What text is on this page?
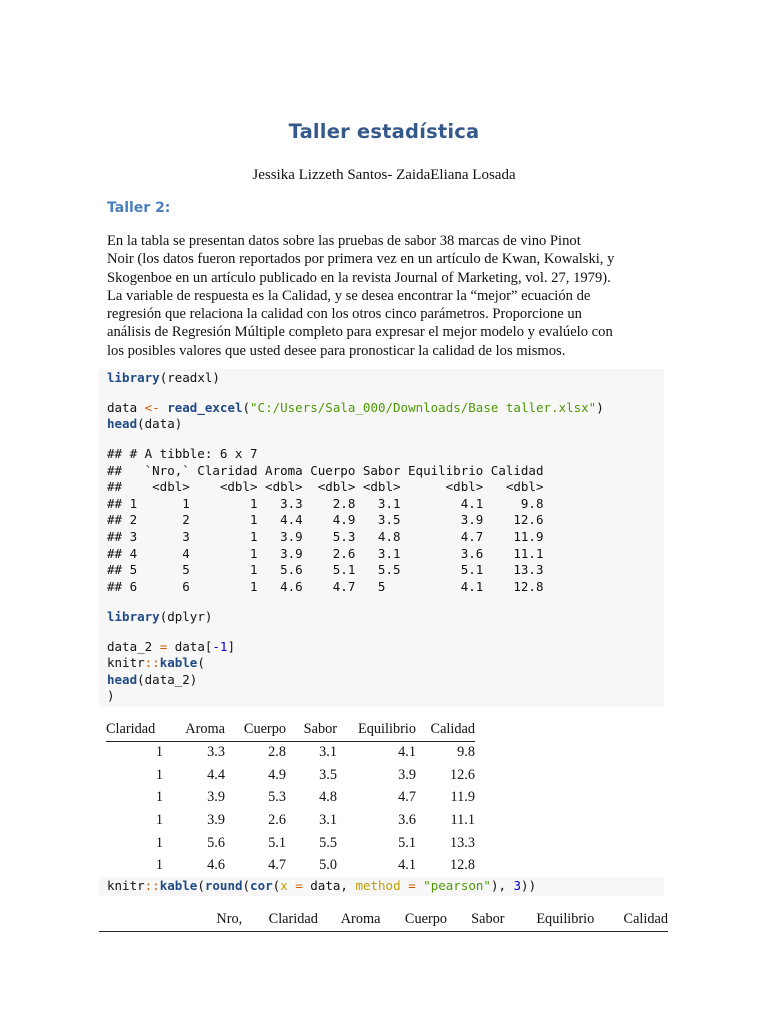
Taller estadística
Jessika Lizzeth Santos- ZaidaEliana Losada
Taller 2:
En la tabla se presentan datos sobre las pruebas de sabor 38 marcas de vino Pinot
Noir (los datos fueron reportados por primera vez en un artículo de Kwan, Kowalski, y
Skogenboe en un artículo publicado en la revista Journal of Marketing, vol. 27, 1979).
La variable de respuesta es la Calidad, y se desea encontrar la “mejor” ecuación de
regresión que relaciona la calidad con los otros cinco parámetros. Proporcione un
análisis de Regresión Múltiple completo para expresar el mejor modelo y evalúelo con
los posibles valores que usted desee para pronosticar la calidad de los mismos.
library(readxl)
data <- read_excel("C:/Users/Sala_000/Downloads/Base taller.xlsx")
head(data)
## # A tibble: 6 x 7
##   `Nro,` Claridad Aroma Cuerpo Sabor Equilibrio Calidad
##    <dbl>    <dbl> <dbl>  <dbl> <dbl>      <dbl>   <dbl>
## 1      1        1   3.3    2.8   3.1        4.1     9.8
## 2      2        1   4.4    4.9   3.5        3.9    12.6
## 3      3        1   3.9    5.3   4.8        4.7    11.9
## 4      4        1   3.9    2.6   3.1        3.6    11.1
## 5      5        1   5.6    5.1   5.5        5.1    13.3
## 6      6        1   4.6    4.7   5          4.1    12.8
library(dplyr)
data_2 = data[-1]
knitr::kable(
head(data_2)
)
Claridad	Aroma	Cuerpo	Sabor	Equilibrio	Calidad
1	3.3	2.8	3.1	4.1	9.8
1	4.4	4.9	3.5	3.9	12.6
1	3.9	5.3	4.8	4.7	11.9
1	3.9	2.6	3.1	3.6	11.1
1	5.6	5.1	5.5	5.1	13.3
1	4.6	4.7	5.0	4.1	12.8
knitr::kable(round(cor(x = data, method = "pearson"), 3))
	Nro,	Claridad	Aroma	Cuerpo	Sabor	Equilibrio	Calidad
